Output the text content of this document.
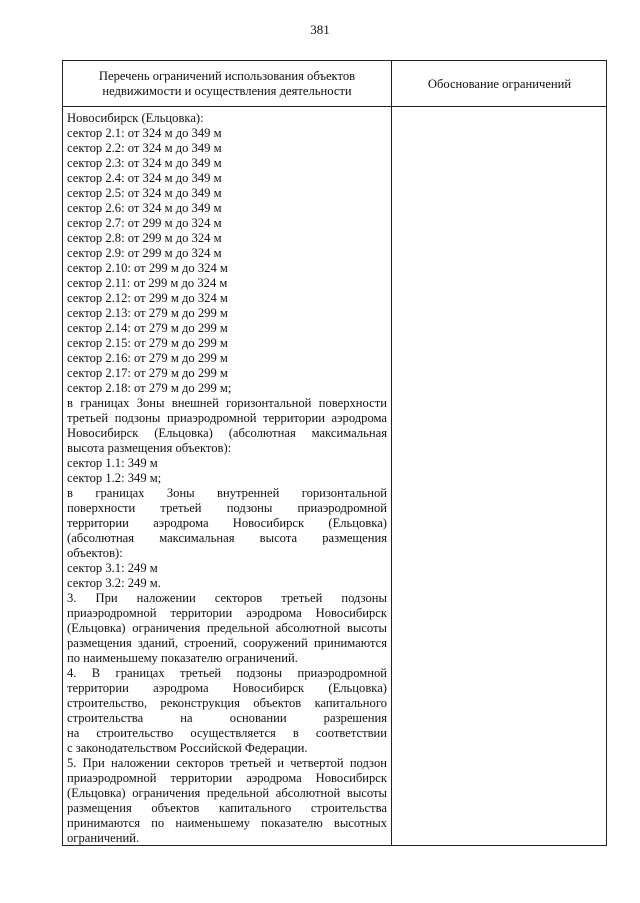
381
Перечень ограничений использования объектов
недвижимости и осуществления деятельности
Обоснование ограничений
Новосибирск (Ельцовка):
сектор 2.1: от 324 м до 349 м
сектор 2.2: от 324 м до 349 м
сектор 2.3: от 324 м до 349 м
сектор 2.4: от 324 м до 349 м
сектор 2.5: от 324 м до 349 м
сектор 2.6: от 324 м до 349 м
сектор 2.7: от 299 м до 324 м
сектор 2.8: от 299 м до 324 м
сектор 2.9: от 299 м до 324 м
сектор 2.10: от 299 м до 324 м
сектор 2.11: от 299 м до 324 м
сектор 2.12: от 299 м до 324 м
сектор 2.13: от 279 м до 299 м
сектор 2.14: от 279 м до 299 м
сектор 2.15: от 279 м до 299 м
сектор 2.16: от 279 м до 299 м
сектор 2.17: от 279 м до 299 м
сектор 2.18: от 279 м до 299 м;
в границах Зоны внешней горизонтальной поверхности
третьей подзоны приаэродромной территории аэродрома
Новосибирск (Ельцовка) (абсолютная максимальная
высота размещения объектов):
сектор 1.1: 349 м
сектор 1.2: 349 м;
в границах Зоны внутренней горизонтальной
поверхности третьей подзоны приаэродромной
территории аэродрома Новосибирск (Ельцовка)
(абсолютная максимальная высота размещения
объектов):
сектор 3.1: 249 м
сектор 3.2: 249 м.
3. При наложении секторов третьей подзоны
приаэродромной территории аэродрома Новосибирск
(Ельцовка) ограничения предельной абсолютной высоты
размещения зданий, строений, сооружений принимаются
по наименьшему показателю ограничений.
4. В границах третьей подзоны приаэродромной
территории аэродрома Новосибирск (Ельцовка)
строительство, реконструкция объектов капитального
строительства на основании разрешения
на строительство осуществляется в соответствии
с законодательством Российской Федерации.
5. При наложении секторов третьей и четвертой подзон
приаэродромной территории аэродрома Новосибирск
(Ельцовка) ограничения предельной абсолютной высоты
размещения объектов капитального строительства
принимаются по наименьшему показателю высотных
ограничений.
